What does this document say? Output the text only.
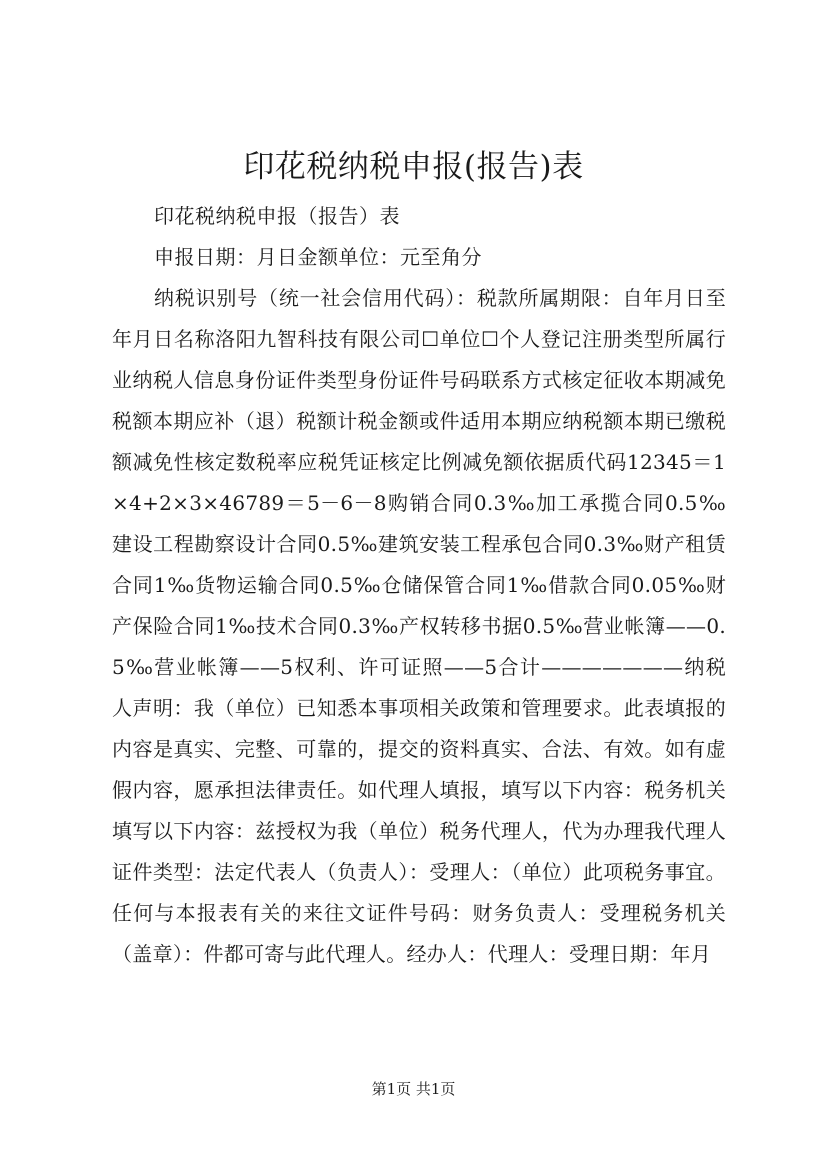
印花税纳税申报(报告)表

印花税纳税申报（报告）表

申报日期：月日金额单位：元至角分

纳税识别号（统一社会信用代码）：税款所属期限：自年月日至年月日名称洛阳九智科技有限公司☐单位☐个人登记注册类型所属行业纳税人信息身份证件类型身份证件号码联系方式核定征收本期减免税额本期应补（退）税额计税金额或件适用本期应纳税额本期已缴税额减免性核定数税率应税凭证核定比例减免额依据质代码12345＝1×4+2×3×46789＝5－6－8购销合同0.3‰加工承揽合同0.5‰建设工程勘察设计合同0.5‰建筑安装工程承包合同0.3‰财产租赁合同1‰货物运输合同0.5‰仓储保管合同1‰借款合同0.05‰财产保险合同1‰技术合同0.3‰产权转移书据0.5‰营业帐簿——0.5‰营业帐簿——5权利、许可证照——5合计———————纳税人声明：我（单位）已知悉本事项相关政策和管理要求。此表填报的内容是真实、完整、可靠的，提交的资料真实、合法、有效。如有虚假内容，愿承担法律责任。如代理人填报，填写以下内容：税务机关填写以下内容：兹授权为我（单位）税务代理人，代为办理我代理人证件类型：法定代表人（负责人）：受理人：（单位）此项税务事宜。任何与本报表有关的来往文证件号码：财务负责人：受理税务机关（盖章）：件都可寄与此代理人。经办人：代理人：受理日期：年月

第1页 共1页
